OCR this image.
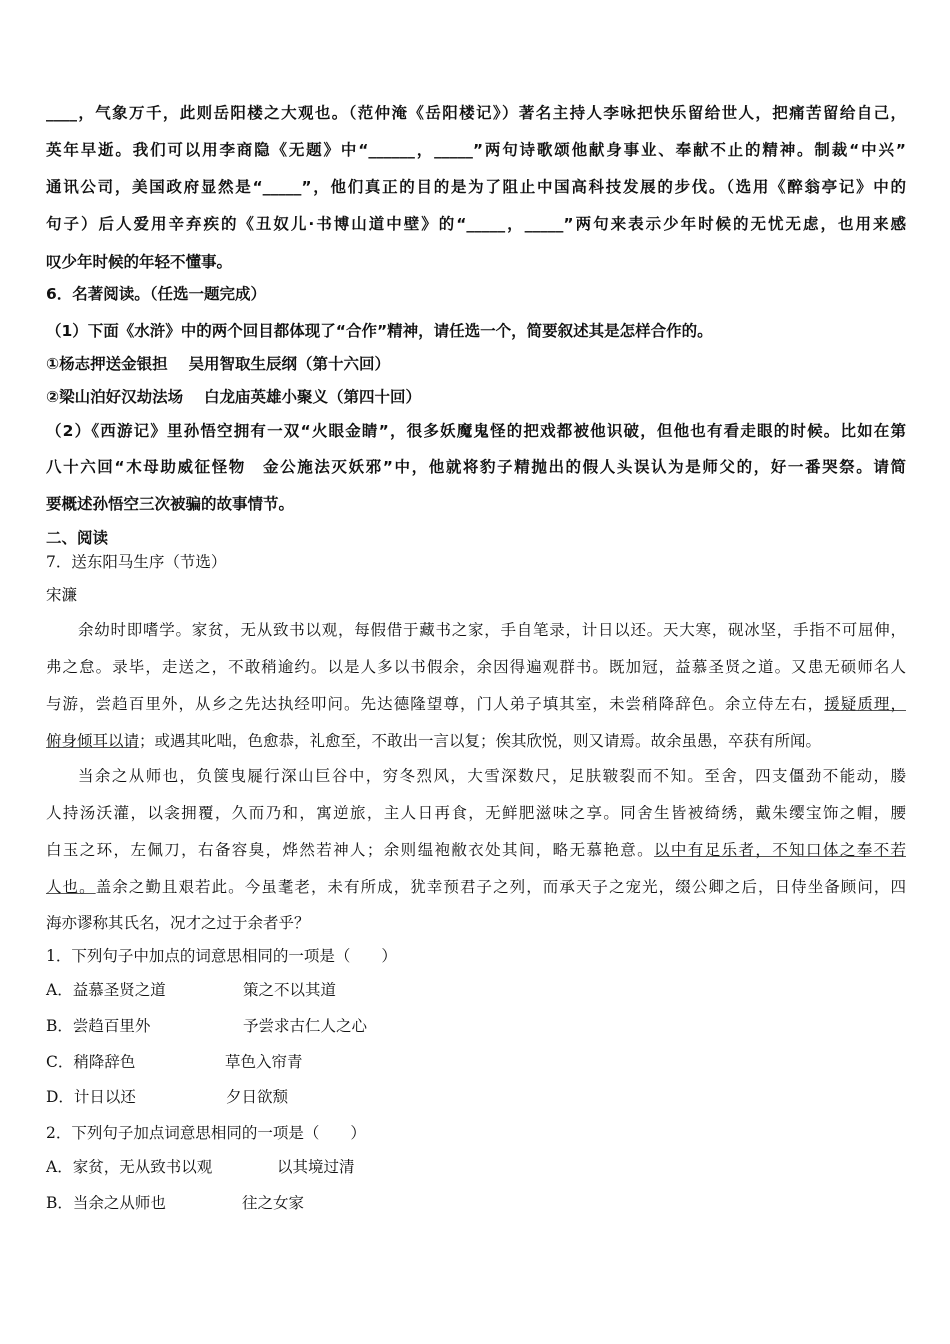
____，气象万千，此则岳阳楼之大观也。（范仲淹《岳阳楼记》）著名主持人李咏把快乐留给世人，把痛苦留给自己，
英年早逝。我们可以用李商隐《无题》中“______，_____”两句诗歌颂他献身事业、奉献不止的精神。制裁“中兴”
通讯公司，美国政府显然是“_____”，他们真正的目的是为了阻止中国高科技发展的步伐。（选用《醉翁亭记》中的
句子）后人爱用辛弃疾的《丑奴儿·书博山道中壁》的“_____，_____”两句来表示少年时候的无忧无虑，也用来感
叹少年时候的年轻不懂事。
6．名著阅读。（任选一题完成）
（1）下面《水浒》中的两个回目都体现了“合作”精神，请任选一个，简要叙述其是怎样合作的。
①杨志押送金银担　 吴用智取生辰纲（第十六回）
②梁山泊好汉劫法场　 白龙庙英雄小聚义（第四十回）
（2）《西游记》里孙悟空拥有一双“火眼金睛”，很多妖魔鬼怪的把戏都被他识破，但他也有看走眼的时候。比如在第
八十六回“木母助威征怪物　金公施法灭妖邪”中，他就将豹子精抛出的假人头误认为是师父的，好一番哭祭。请简
要概述孙悟空三次被骗的故事情节。
二、阅读
7．送东阳马生序（节选）
宋濂
余幼时即嗜学。家贫，无从致书以观，每假借于藏书之家，手自笔录，计日以还。天大寒，砚冰坚，手指不可屈伸，
弗之怠。录毕，走送之，不敢稍逾约。以是人多以书假余，余因得遍观群书。既加冠，益慕圣贤之道。又患无硕师名人
与游，尝趋百里外，从乡之先达执经叩问。先达德隆望尊，门人弟子填其室，未尝稍降辞色。余立侍左右，援疑质理，
俯身倾耳以请；或遇其叱咄，色愈恭，礼愈至，不敢出一言以复；俟其欣悦，则又请焉。故余虽愚，卒获有所闻。
当余之从师也，负箧曳屣行深山巨谷中，穷冬烈风，大雪深数尺，足肤皲裂而不知。至舍，四支僵劲不能动，媵
人持汤沃灌，以衾拥覆，久而乃和，寓逆旅，主人日再食，无鲜肥滋味之享。同舍生皆被绮绣，戴朱缨宝饰之帽，腰
白玉之环，左佩刀，右备容臭，烨然若神人；余则缊袍敝衣处其间，略无慕艳意。以中有足乐者，不知口体之奉不若
人也。盖余之勤且艰若此。今虽耄老，未有所成，犹幸预君子之列，而承天子之宠光，缀公卿之后，日侍坐备顾问，四
海亦谬称其氏名，况才之过于余者乎？
1．下列句子中加点的词意思相同的一项是（　　）
A．益慕圣贤之道	策之不以其道
B．尝趋百里外	予尝求古仁人之心
C．稍降辞色	草色入帘青
D．计日以还	夕日欲颓
2．下列句子加点词意思相同的一项是（　　）
A．家贫，无从致书以观	以其境过清
B．当余之从师也	往之女家
